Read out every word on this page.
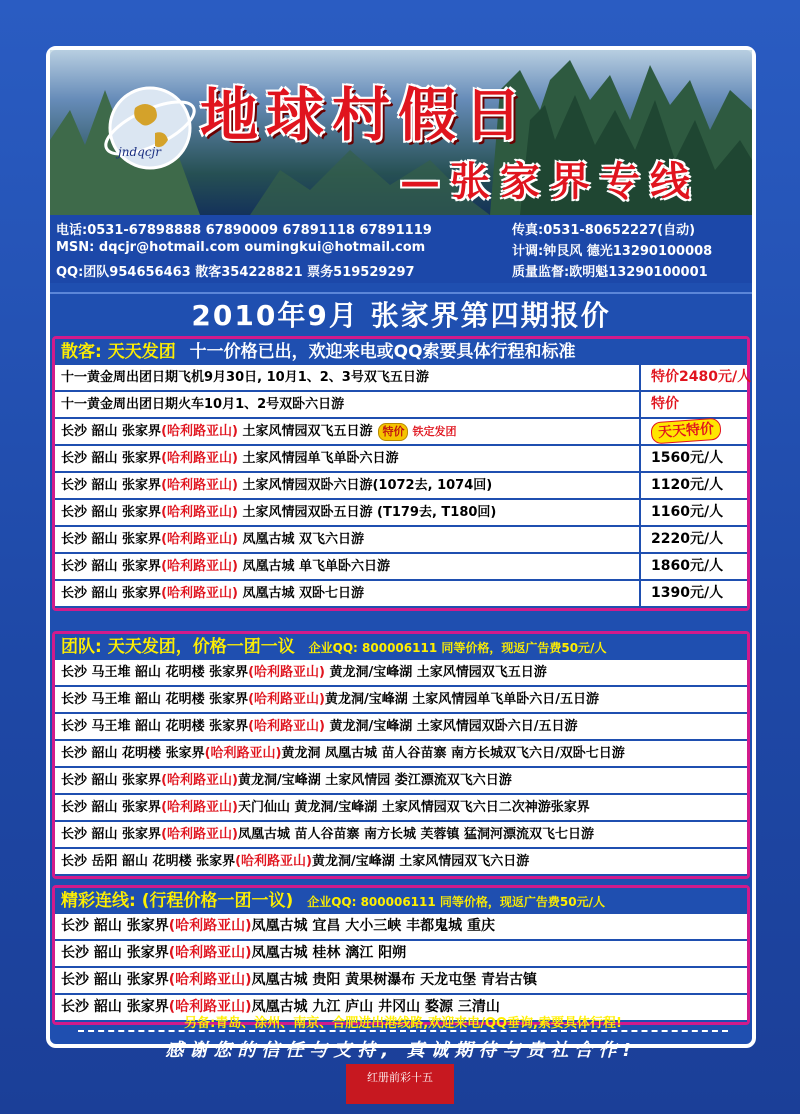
jndqcjr
地球村假日
—张家界专线
电话:0531-67898888 67890009 67891118 67891119	传真:0531-80652227(自动)
MSN: dqcjr@hotmail.com oumingkui@hotmail.com	计调:钟艮风 德光13290100008
QQ:团队954656463 散客354228821 票务519529297	质量监督:欧明魁13290100001
2010年9月 张家界第四期报价
散客: 天天发团 十一价格已出，欢迎来电或QQ索要具体行程和标准
十一黄金周出团日期飞机9月30日, 10月1、2、3号双飞五日游	特价2480元/人
十一黄金周出团日期火车10月1、2号双卧六日游	特价
长沙 韶山 张家界(哈利路亚山) 土家风情园双飞五日游 特价 铁定发团	天天特价
长沙 韶山 张家界(哈利路亚山) 土家风情园单飞单卧六日游	1560元/人
长沙 韶山 张家界(哈利路亚山) 土家风情园双卧六日游(1072去, 1074回)	1120元/人
长沙 韶山 张家界(哈利路亚山) 土家风情园双卧五日游 (T179去, T180回)	1160元/人
长沙 韶山 张家界(哈利路亚山) 凤凰古城 双飞六日游	2220元/人
长沙 韶山 张家界(哈利路亚山) 凤凰古城 单飞单卧六日游	1860元/人
长沙 韶山 张家界(哈利路亚山) 凤凰古城 双卧七日游	1390元/人
团队: 天天发团，价格一团一议 企业QQ: 800006111 同等价格，现返广告费50元/人
长沙 马王堆 韶山 花明楼 张家界(哈利路亚山) 黄龙洞/宝峰湖 土家风情园双飞五日游
长沙 马王堆 韶山 花明楼 张家界(哈利路亚山)黄龙洞/宝峰湖 土家风情园单飞单卧六日/五日游
长沙 马王堆 韶山 花明楼 张家界(哈利路亚山) 黄龙洞/宝峰湖 土家风情园双卧六日/五日游
长沙 韶山 花明楼 张家界(哈利路亚山)黄龙洞 凤凰古城 苗人谷苗寨 南方长城双飞六日/双卧七日游
长沙 韶山 张家界(哈利路亚山)黄龙洞/宝峰湖 土家风情园 娄江漂流双飞六日游
长沙 韶山 张家界(哈利路亚山)天门仙山 黄龙洞/宝峰湖 土家风情园双飞六日二次神游张家界
长沙 韶山 张家界(哈利路亚山)凤凰古城 苗人谷苗寨 南方长城 芙蓉镇 猛洞河漂流双飞七日游
长沙 岳阳 韶山 花明楼 张家界(哈利路亚山)黄龙洞/宝峰湖 土家风情园双飞六日游
精彩连线: (行程价格一团一议) 企业QQ: 800006111 同等价格，现返广告费50元/人
长沙 韶山 张家界(哈利路亚山)凤凰古城 宜昌 大小三峡 丰都鬼城 重庆
长沙 韶山 张家界(哈利路亚山)凤凰古城 桂林 漓江 阳朔
长沙 韶山 张家界(哈利路亚山)凤凰古城 贵阳 黄果树瀑布 天龙屯堡 青岩古镇
长沙 韶山 张家界(哈利路亚山)凤凰古城 九江 庐山 井冈山 婺源 三清山
另备:青岛、涂州、南京、合肥进出港线路,欢迎来电/QQ垂询,索要具体行程!
感谢您的信任与支持, 真诚期待与贵社合作!
红册前彩十五
